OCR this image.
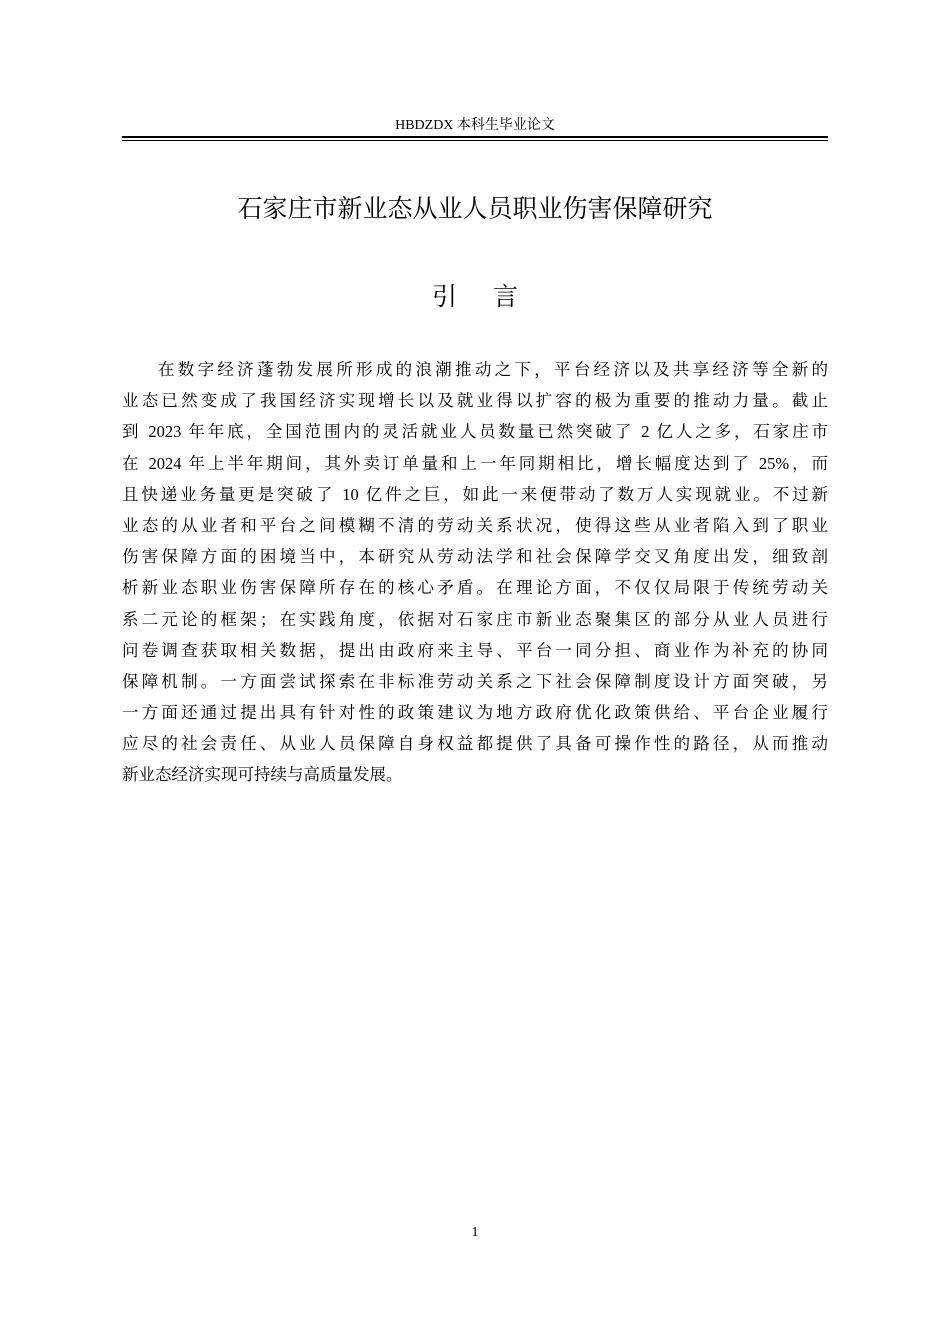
HBDZDX 本科生毕业论文
石家庄市新业态从业人员职业伤害保障研究
引言
在数字经济蓬勃发展所形成的浪潮推动之下，平台经济以及共享经济等全新的
业态已然变成了我国经济实现增长以及就业得以扩容的极为重要的推动力量。截止
到 2023 年年底，全国范围内的灵活就业人员数量已然突破了 2 亿人之多，石家庄市
在 2024 年上半年期间，其外卖订单量和上一年同期相比，增长幅度达到了 25%，而
且快递业务量更是突破了 10 亿件之巨，如此一来便带动了数万人实现就业。不过新
业态的从业者和平台之间模糊不清的劳动关系状况，使得这些从业者陷入到了职业
伤害保障方面的困境当中，本研究从劳动法学和社会保障学交叉角度出发，细致剖
析新业态职业伤害保障所存在的核心矛盾。在理论方面，不仅仅局限于传统劳动关
系二元论的框架；在实践角度，依据对石家庄市新业态聚集区的部分从业人员进行
问卷调查获取相关数据，提出由政府来主导、平台一同分担、商业作为补充的协同
保障机制。一方面尝试探索在非标准劳动关系之下社会保障制度设计方面突破，另
一方面还通过提出具有针对性的政策建议为地方政府优化政策供给、平台企业履行
应尽的社会责任、从业人员保障自身权益都提供了具备可操作性的路径，从而推动
新业态经济实现可持续与高质量发展。
1
